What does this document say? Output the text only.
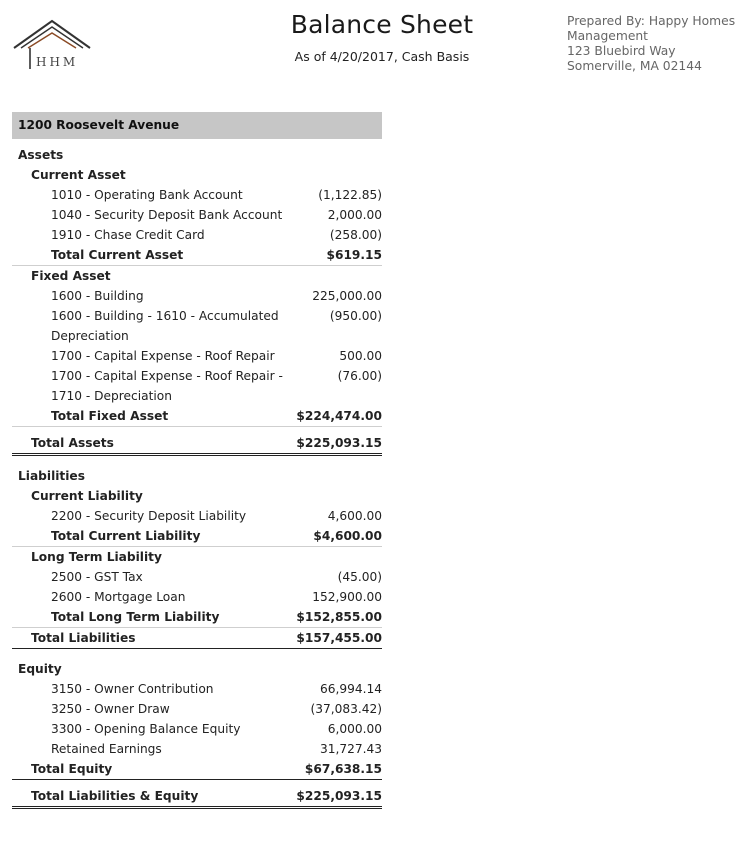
HHM
Balance Sheet
As of 4/20/2017, Cash Basis
Prepared By: Happy Homes
Management
123 Bluebird Way
Somerville, MA 02144
1200 Roosevelt Avenue
Assets
Current Asset
1010 - Operating Bank Account	(1,122.85)
1040 - Security Deposit Bank Account	2,000.00
1910 - Chase Credit Card	(258.00)
Total Current Asset	$619.15
Fixed Asset
1600 - Building	225,000.00
1600 - Building - 1610 - Accumulated Depreciation
(950.00)
1700 - Capital Expense - Roof Repair	500.00
1700 - Capital Expense - Roof Repair - 1710 - Depreciation
(76.00)
Total Fixed Asset	$224,474.00
Total Assets	$225,093.15
Liabilities
Current Liability
2200 - Security Deposit Liability	4,600.00
Total Current Liability	$4,600.00
Long Term Liability
2500 - GST Tax	(45.00)
2600 - Mortgage Loan	152,900.00
Total Long Term Liability	$152,855.00
Total Liabilities	$157,455.00
Equity
3150 - Owner Contribution	66,994.14
3250 - Owner Draw	(37,083.42)
3300 - Opening Balance Equity	6,000.00
Retained Earnings	31,727.43
Total Equity	$67,638.15
Total Liabilities & Equity	$225,093.15
